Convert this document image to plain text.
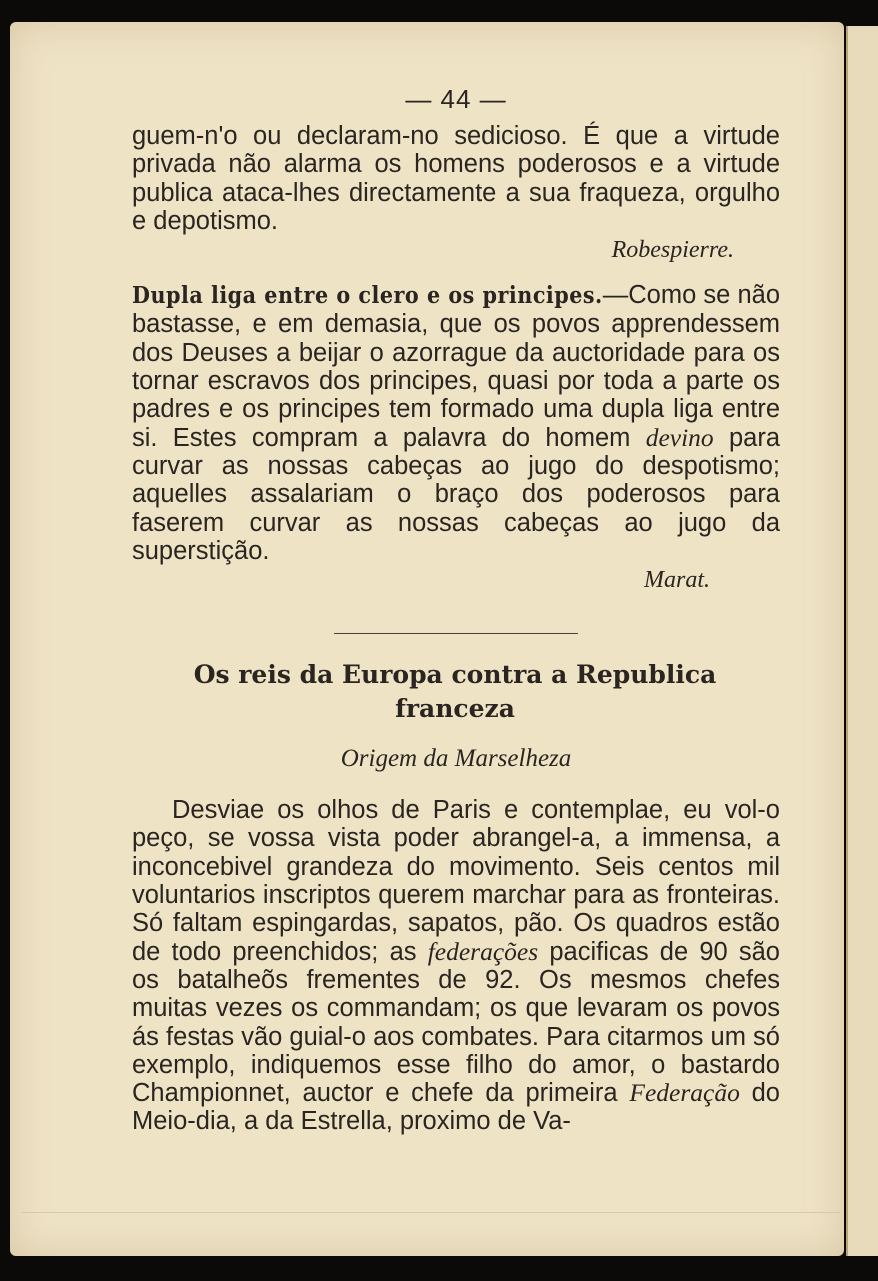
— 44 —

guem-n'o ou declaram-no sedicioso. É que a virtude privada não alarma os homens poderosos e a virtude publica ataca-lhes directamente a sua fraqueza, orgulho e depotismo.

Robespierre.

Dupla liga entre o clero e os principes.—Como se não bastasse, e em demasia, que os povos apprendessem dos Deuses a beijar o azorrague da auctoridade para os tornar escravos dos principes, quasi por toda a parte os padres e os principes tem formado uma dupla liga entre si. Estes compram a palavra do homem devino para curvar as nossas cabeças ao jugo do despotismo; aquelles assalariam o braço dos poderosos para faserem curvar as nossas cabeças ao jugo da superstição.

Marat.
Os reis da Europa contra a Republica franceza
Origem da Marselheza

Desviae os olhos de Paris e contemplae, eu vol-o peço, se vossa vista poder abrangel-a, a immensa, a inconcebivel grandeza do movimento. Seis centos mil voluntarios inscriptos querem marchar para as fronteiras. Só faltam espingardas, sapatos, pão. Os quadros estão de todo preenchidos; as federações pacificas de 90 são os batalheõs frementes de 92. Os mesmos chefes muitas vezes os commandam; os que levaram os povos ás festas vão guial-o aos combates. Para citarmos um só exemplo, indiquemos esse filho do amor, o bastardo Championnet, auctor e chefe da primeira Federação do Meio-dia, a da Estrella, proximo de Va-
